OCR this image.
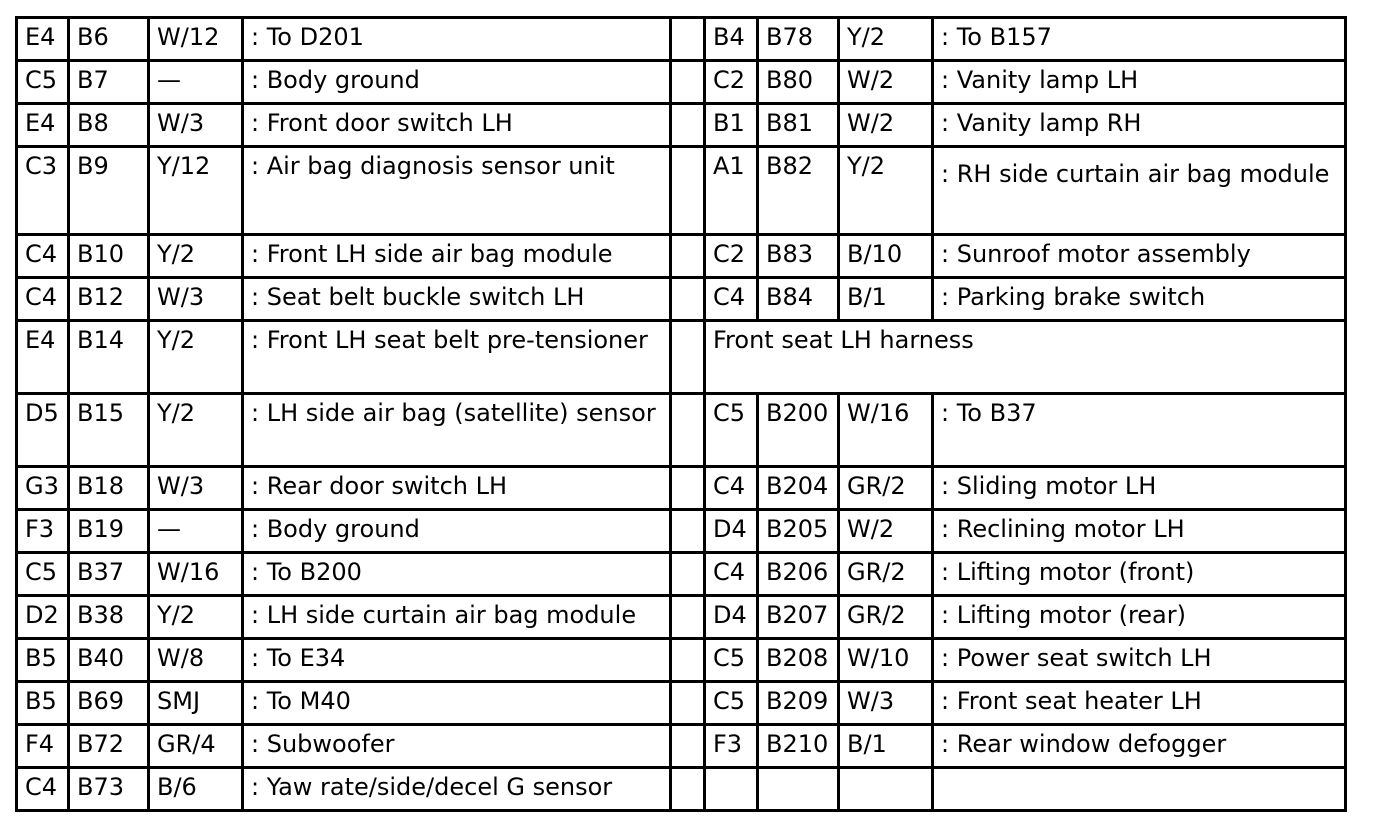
E4	B6	W/12	: To D201		B4	B78	Y/2	: To B157
C5	B7	—	: Body ground		C2	B80	W/2	: Vanity lamp LH
E4	B8	W/3	: Front door switch LH		B1	B81	W/2	: Vanity lamp RH
C3	B9	Y/12	: Air bag diagnosis sensor unit		A1	B82	Y/2	: RH side curtain air bag module
C4	B10	Y/2	: Front LH side air bag module		C2	B83	B/10	: Sunroof motor assembly
C4	B12	W/3	: Seat belt buckle switch LH		C4	B84	B/1	: Parking brake switch
E4	B14	Y/2	: Front LH seat belt pre-tensioner		Front seat LH harness			
D5	B15	Y/2	: LH side air bag (satellite) sensor		C5	B200	W/16	: To B37
G3	B18	W/3	: Rear door switch LH		C4	B204	GR/2	: Sliding motor LH
F3	B19	—	: Body ground		D4	B205	W/2	: Reclining motor LH
C5	B37	W/16	: To B200		C4	B206	GR/2	: Lifting motor (front)
D2	B38	Y/2	: LH side curtain air bag module		D4	B207	GR/2	: Lifting motor (rear)
B5	B40	W/8	: To E34		C5	B208	W/10	: Power seat switch LH
B5	B69	SMJ	: To M40		C5	B209	W/3	: Front seat heater LH
F4	B72	GR/4	: Subwoofer		F3	B210	B/1	: Rear window defogger
C4	B73	B/6	: Yaw rate/side/decel G sensor					
